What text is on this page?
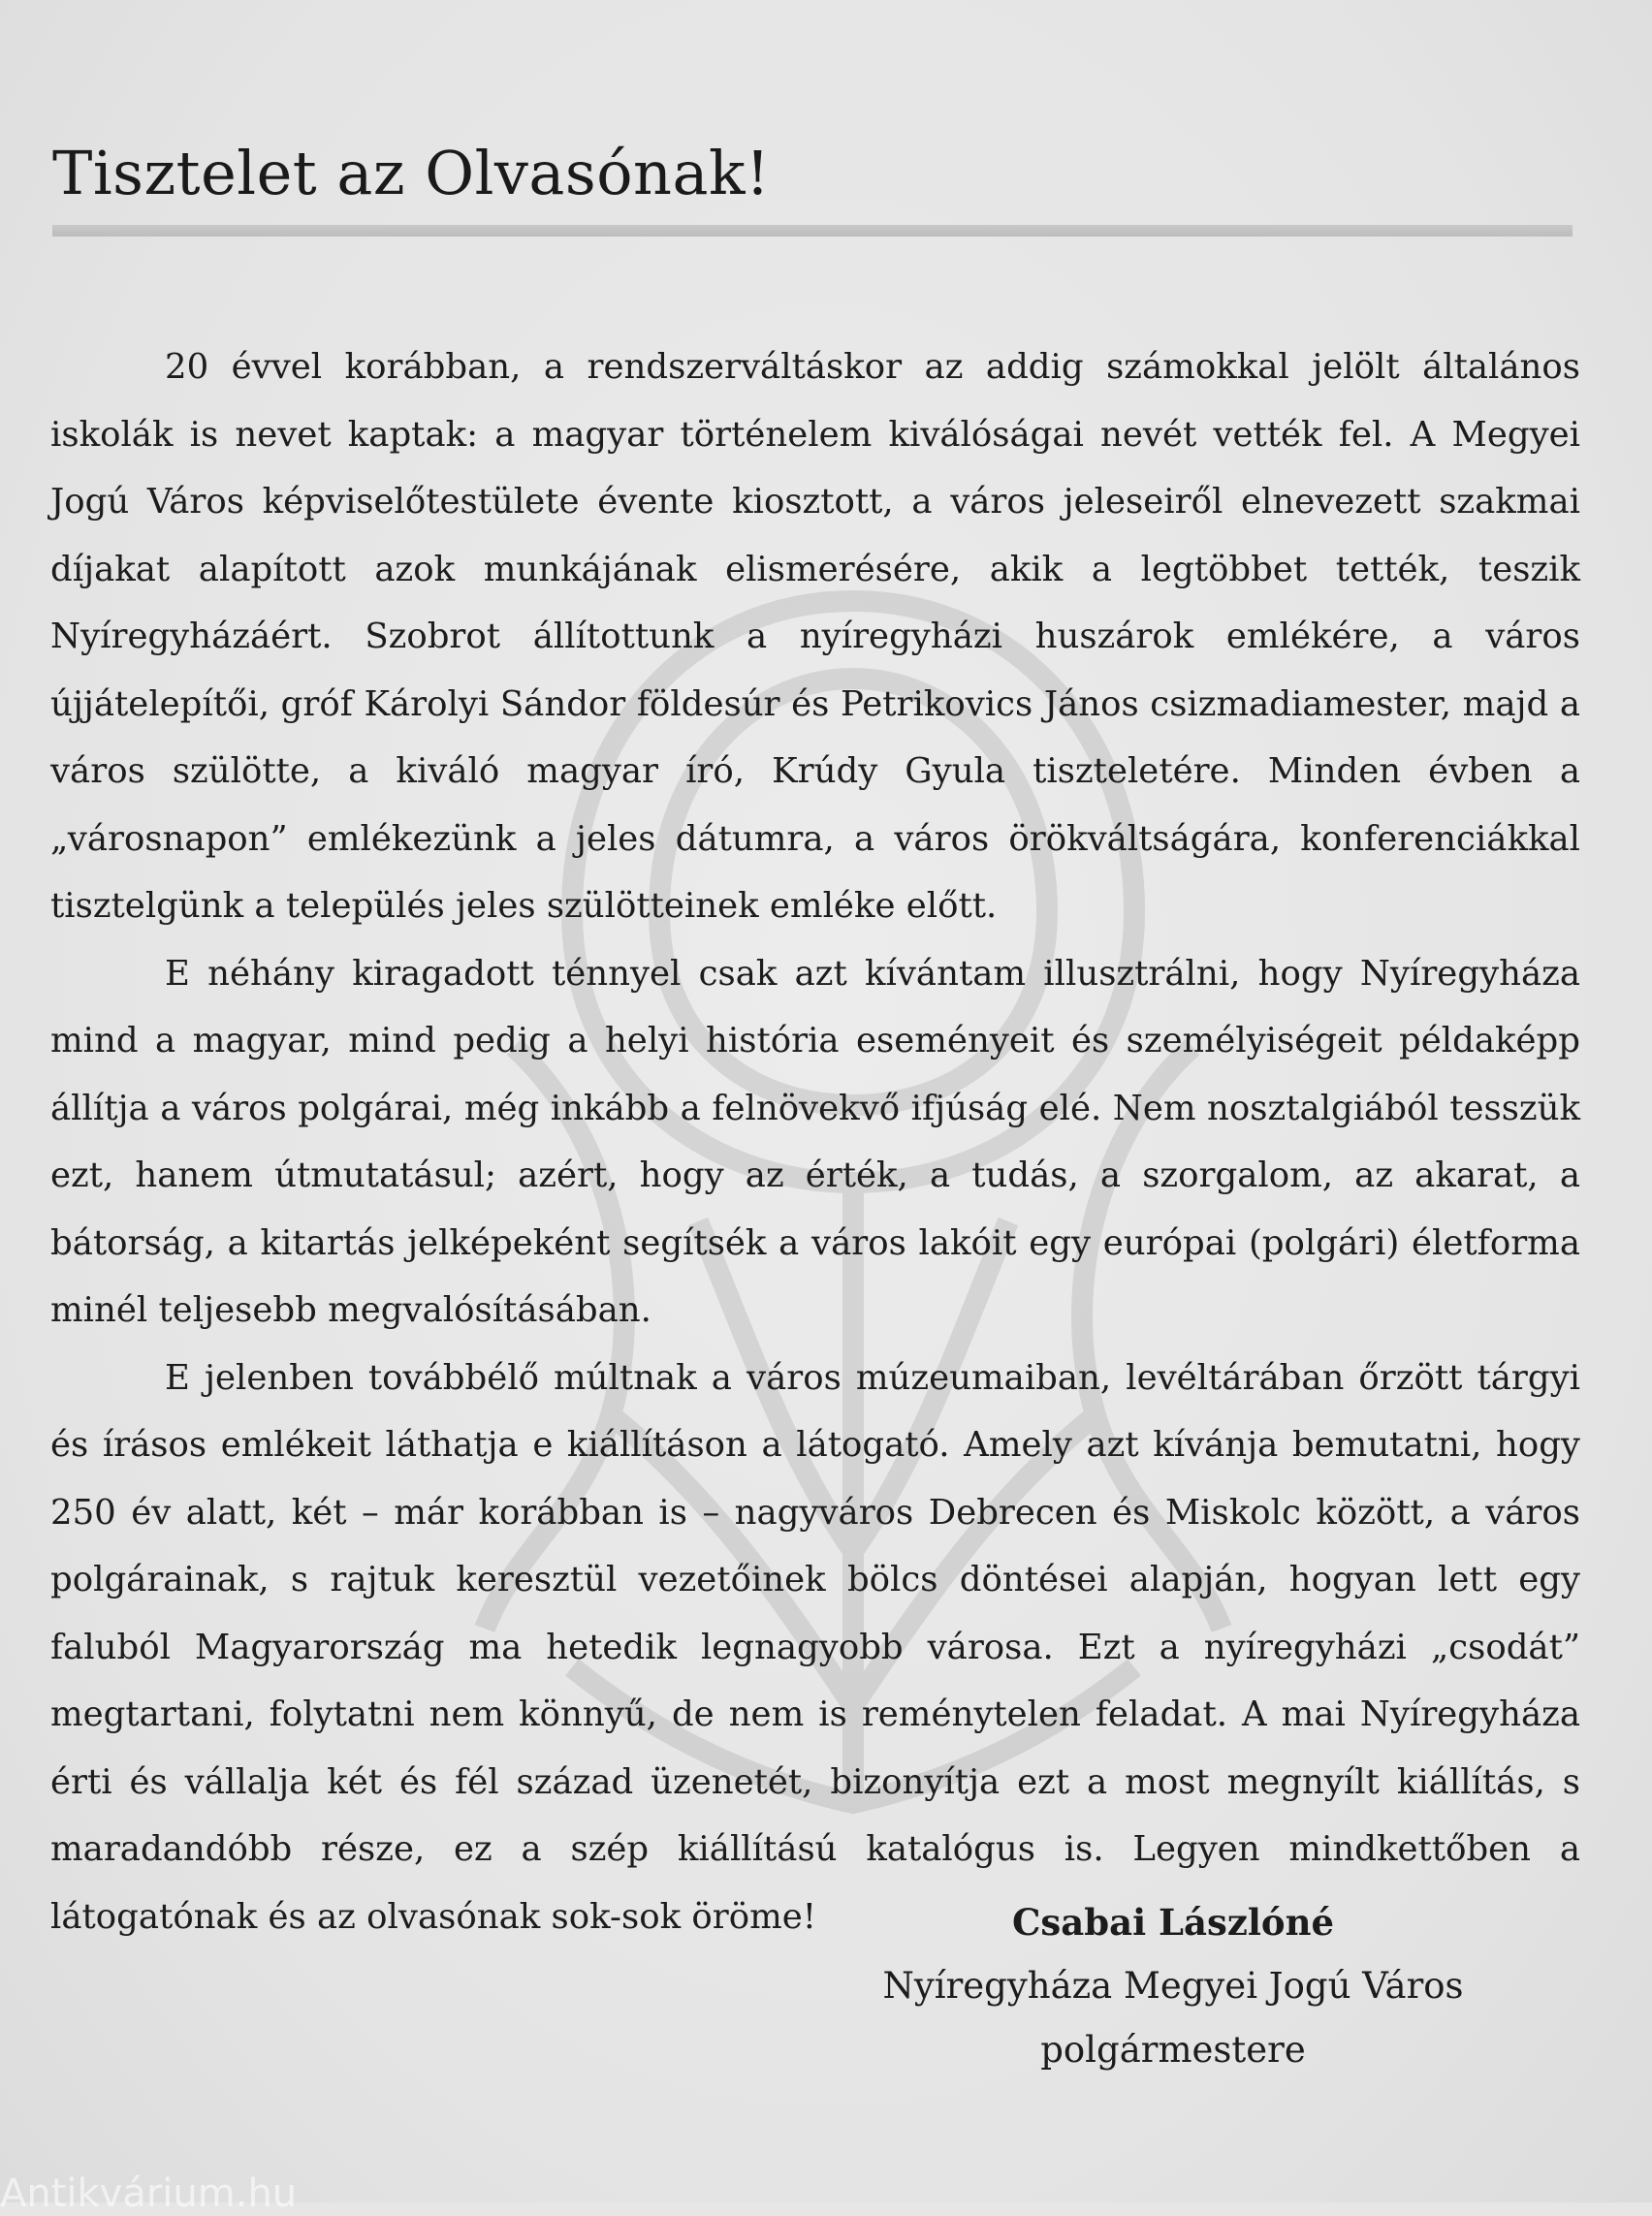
Tisztelet az Olvasónak!

20 évvel korábban, a rendszerváltáskor az addig számokkal jelölt általános iskolák is nevet kaptak: a magyar történelem kiválóságai nevét vették fel. A Megyei Jogú Város képviselőtestülete évente kiosztott, a város jeleseiről elnevezett szakmai díjakat alapított azok munkájának elismerésére, akik a legtöbbet tették, teszik Nyíregyházáért. Szobrot állítottunk a nyíregyházi huszárok emlékére, a város újjátelepítői, gróf Károlyi Sándor földesúr és Petrikovics János csizmadiamester, majd a város szülötte, a kiváló magyar író, Krúdy Gyula tiszteletére. Minden évben a „városnapon” emlékezünk a jeles dátumra, a város örökváltságára, konferenciákkal tisztelgünk a település jeles szülötteinek emléke előtt.

E néhány kiragadott ténnyel csak azt kívántam illusztrálni, hogy Nyíregyháza mind a magyar, mind pedig a helyi história eseményeit és személyiségeit példaképp állítja a város polgárai, még inkább a felnövekvő ifjúság elé. Nem nosztalgiából tesszük ezt, hanem útmutatásul; azért, hogy az érték, a tudás, a szorgalom, az akarat, a bátorság, a kitartás jelképeként segítsék a város lakóit egy európai (polgári) életforma minél teljesebb megvalósításában.

E jelenben továbbélő múltnak a város múzeumaiban, levéltárában őrzött tárgyi és írásos emlékeit láthatja e kiállításon a látogató. Amely azt kívánja bemutatni, hogy 250 év alatt, két – már korábban is – nagyváros Debrecen és Miskolc között, a város polgárainak, s rajtuk keresztül vezetőinek bölcs döntései alapján, hogyan lett egy faluból Magyarország ma hetedik legnagyobb városa. Ezt a nyíregyházi „csodát” megtartani, folytatni nem könnyű, de nem is reménytelen feladat. A mai Nyíregyháza érti és vállalja két és fél század üzenetét, bizonyítja ezt a most megnyílt kiállítás, s maradandóbb része, ez a szép kiállítású katalógus is. Legyen mindkettőben a látogatónak és az olvasónak sok-sok öröme!	Csabai Lászlóné
Nyíregyháza Megyei Jogú Város
polgármestere
Antikvárium.hu
